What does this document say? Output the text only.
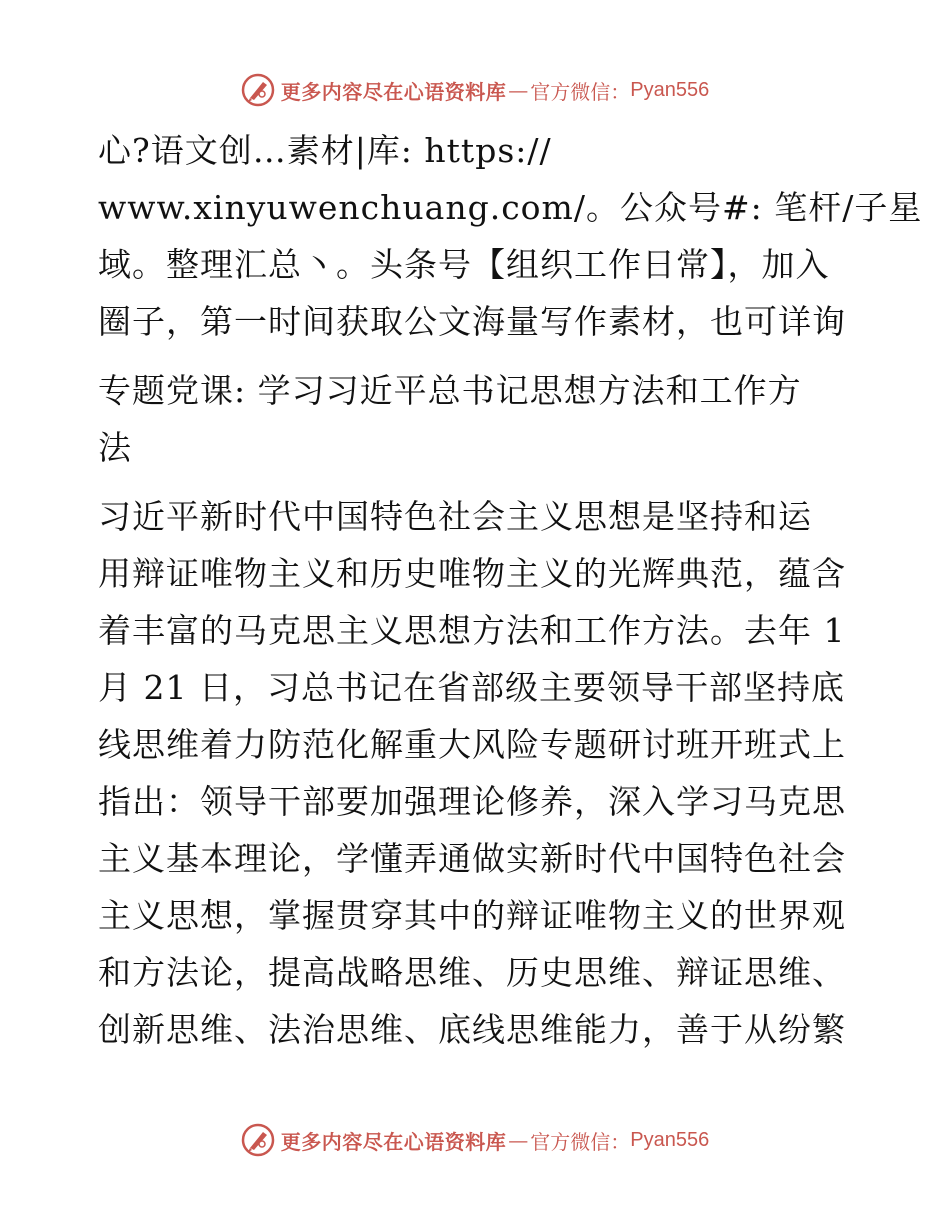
更多内容尽在心语资料库 — 官方微信： Pyan556
心?语文创…素材|库: https://
www.xinyuwenchuang.com/。公众号#: 笔杆/子星
域。整理汇总丶。头条号【组织工作日常】，加入
圈子，第一时间获取公文海量写作素材，也可详询
专题党课: 学习习近平总书记思想方法和工作方
法
习近平新时代中国特色社会主义思想是坚持和运
用辩证唯物主义和历史唯物主义的光辉典范，蕴含
着丰富的马克思主义思想方法和工作方法。去年 1
月 21 日，习总书记在省部级主要领导干部坚持底
线思维着力防范化解重大风险专题研讨班开班式上
指出：领导干部要加强理论修养，深入学习马克思
主义基本理论，学懂弄通做实新时代中国特色社会
主义思想，掌握贯穿其中的辩证唯物主义的世界观
和方法论，提高战略思维、历史思维、辩证思维、
创新思维、法治思维、底线思维能力，善于从纷繁
更多内容尽在心语资料库 — 官方微信： Pyan556
